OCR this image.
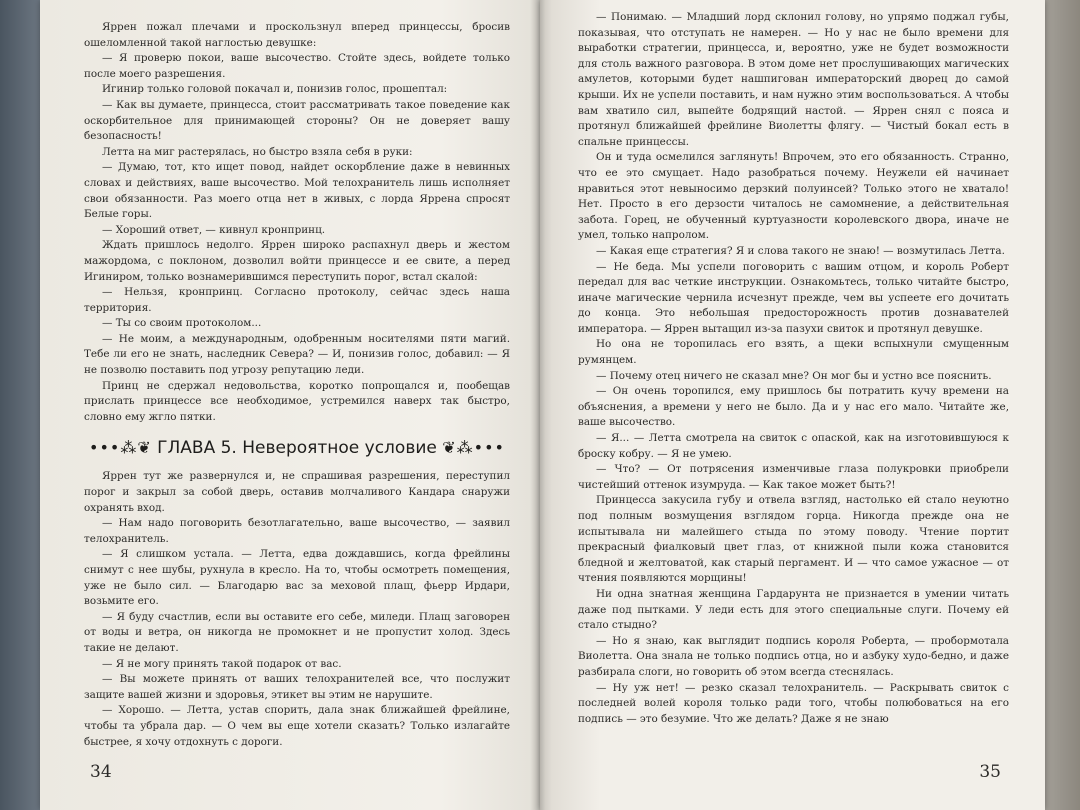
Яррен пожал плечами и проскользнул вперед принцессы, бросив ошеломленной такой наглостью девушке:

— Я проверю покои, ваше высочество. Стойте здесь, войдете только после моего разрешения.

Игинир только головой покачал и, понизив голос, прошептал:

— Как вы думаете, принцесса, стоит рассматривать такое поведение как оскорбительное для принимающей стороны? Он не доверяет вашу безопасность!

Летта на миг растерялась, но быстро взяла себя в руки:

— Думаю, тот, кто ищет повод, найдет оскорбление даже в невинных словах и действиях, ваше высочество. Мой телохранитель лишь исполняет свои обязанности. Раз моего отца нет в живых, с лорда Яррена спросят Белые горы.

— Хороший ответ, — кивнул кронпринц.

Ждать пришлось недолго. Яррен широко распахнул дверь и жестом мажордома, с поклоном, дозволил войти принцессе и ее свите, а перед Игиниром, только вознамерившимся переступить порог, встал скалой:

— Нельзя, кронпринц. Согласно протоколу, сейчас здесь наша территория.

— Ты со своим протоколом...

— Не моим, а международным, одобренным носителями пяти магий. Тебе ли его не знать, наследник Севера? — И, понизив голос, добавил: — Я не позволю поставить под угрозу репутацию леди.

Принц не сдержал недовольства, коротко попрощался и, пообещав прислать принцессе все необходимое, устремился наверх так быстро, словно ему жгло пятки.

•••⁂❦ ГЛАВА 5. Невероятное условие ❦⁂•••

Яррен тут же развернулся и, не спрашивая разрешения, переступил порог и закрыл за собой дверь, оставив молчаливого Кандара снаружи охранять вход.

— Нам надо поговорить безотлагательно, ваше высочество, — заявил телохранитель.

— Я слишком устала. — Летта, едва дождавшись, когда фрейлины снимут с нее шубы, рухнула в кресло. На то, чтобы осмотреть помещения, уже не было сил. — Благодарю вас за меховой плащ, фьерр Ирдари, возьмите его.

— Я буду счастлив, если вы оставите его себе, миледи. Плащ заговорен от воды и ветра, он никогда не промокнет и не пропустит холод. Здесь такие не делают.

— Я не могу принять такой подарок от вас.

— Вы можете принять от ваших телохранителей все, что послужит защите вашей жизни и здоровья, этикет вы этим не нарушите.

— Хорошо. — Летта, устав спорить, дала знак ближайшей фрейлине, чтобы та убрала дар. — О чем вы еще хотели сказать? Только излагайте быстрее, я хочу отдохнуть с дороги.

34

— Понимаю. — Младший лорд склонил голову, но упрямо поджал губы, показывая, что отступать не намерен. — Но у нас не было времени для выработки стратегии, принцесса, и, вероятно, уже не будет возможности для столь важного разговора. В этом доме нет прослушивающих магических амулетов, которыми будет нашпигован императорский дворец до самой крыши. Их не успели поставить, и нам нужно этим воспользоваться. А чтобы вам хватило сил, выпейте бодрящий настой. — Яррен снял с пояса и протянул ближайшей фрейлине Виолетты флягу. — Чистый бокал есть в спальне принцессы.

Он и туда осмелился заглянуть! Впрочем, это его обязанность. Странно, что ее это смущает. Надо разобраться почему. Неужели ей начинает нравиться этот невыносимо дерзкий полуинсей? Только этого не хватало! Нет. Просто в его дерзости читалось не самомнение, а действительная забота. Горец, не обученный куртуазности королевского двора, иначе не умел, только напролом.

— Какая еще стратегия? Я и слова такого не знаю! — возмутилась Летта.

— Не беда. Мы успели поговорить с вашим отцом, и король Роберт передал для вас четкие инструкции. Ознакомьтесь, только читайте быстро, иначе магические чернила исчезнут прежде, чем вы успеете его дочитать до конца. Это небольшая предосторожность против дознавателей императора. — Яррен вытащил из-за пазухи свиток и протянул девушке.

Но она не торопилась его взять, а щеки вспыхнули смущенным румянцем.

— Почему отец ничего не сказал мне? Он мог бы и устно все пояснить.

— Он очень торопился, ему пришлось бы потратить кучу времени на объяснения, а времени у него не было. Да и у нас его мало. Читайте же, ваше высочество.

— Я... — Летта смотрела на свиток с опаской, как на изготовившуюся к броску кобру. — Я не умею.

— Что? — От потрясения изменчивые глаза полукровки приобрели чистейший оттенок изумруда. — Как такое может быть?!

Принцесса закусила губу и отвела взгляд, настолько ей стало неуютно под полным возмущения взглядом горца. Никогда прежде она не испытывала ни малейшего стыда по этому поводу. Чтение портит прекрасный фиалковый цвет глаз, от книжной пыли кожа становится бледной и желтоватой, как старый пергамент. И — что самое ужасное — от чтения появляются морщины!

Ни одна знатная женщина Гардарунта не признается в умении читать даже под пытками. У леди есть для этого специальные слуги. Почему ей стало стыдно?

— Но я знаю, как выглядит подпись короля Роберта, — пробормотала Виолетта. Она знала не только подпись отца, но и азбуку худо-бедно, и даже разбирала слоги, но говорить об этом всегда стеснялась.

— Ну уж нет! — резко сказал телохранитель. — Раскрывать свиток с последней волей короля только ради того, чтобы полюбоваться на его подпись — это безумие. Что же делать? Даже я не знаю

35
